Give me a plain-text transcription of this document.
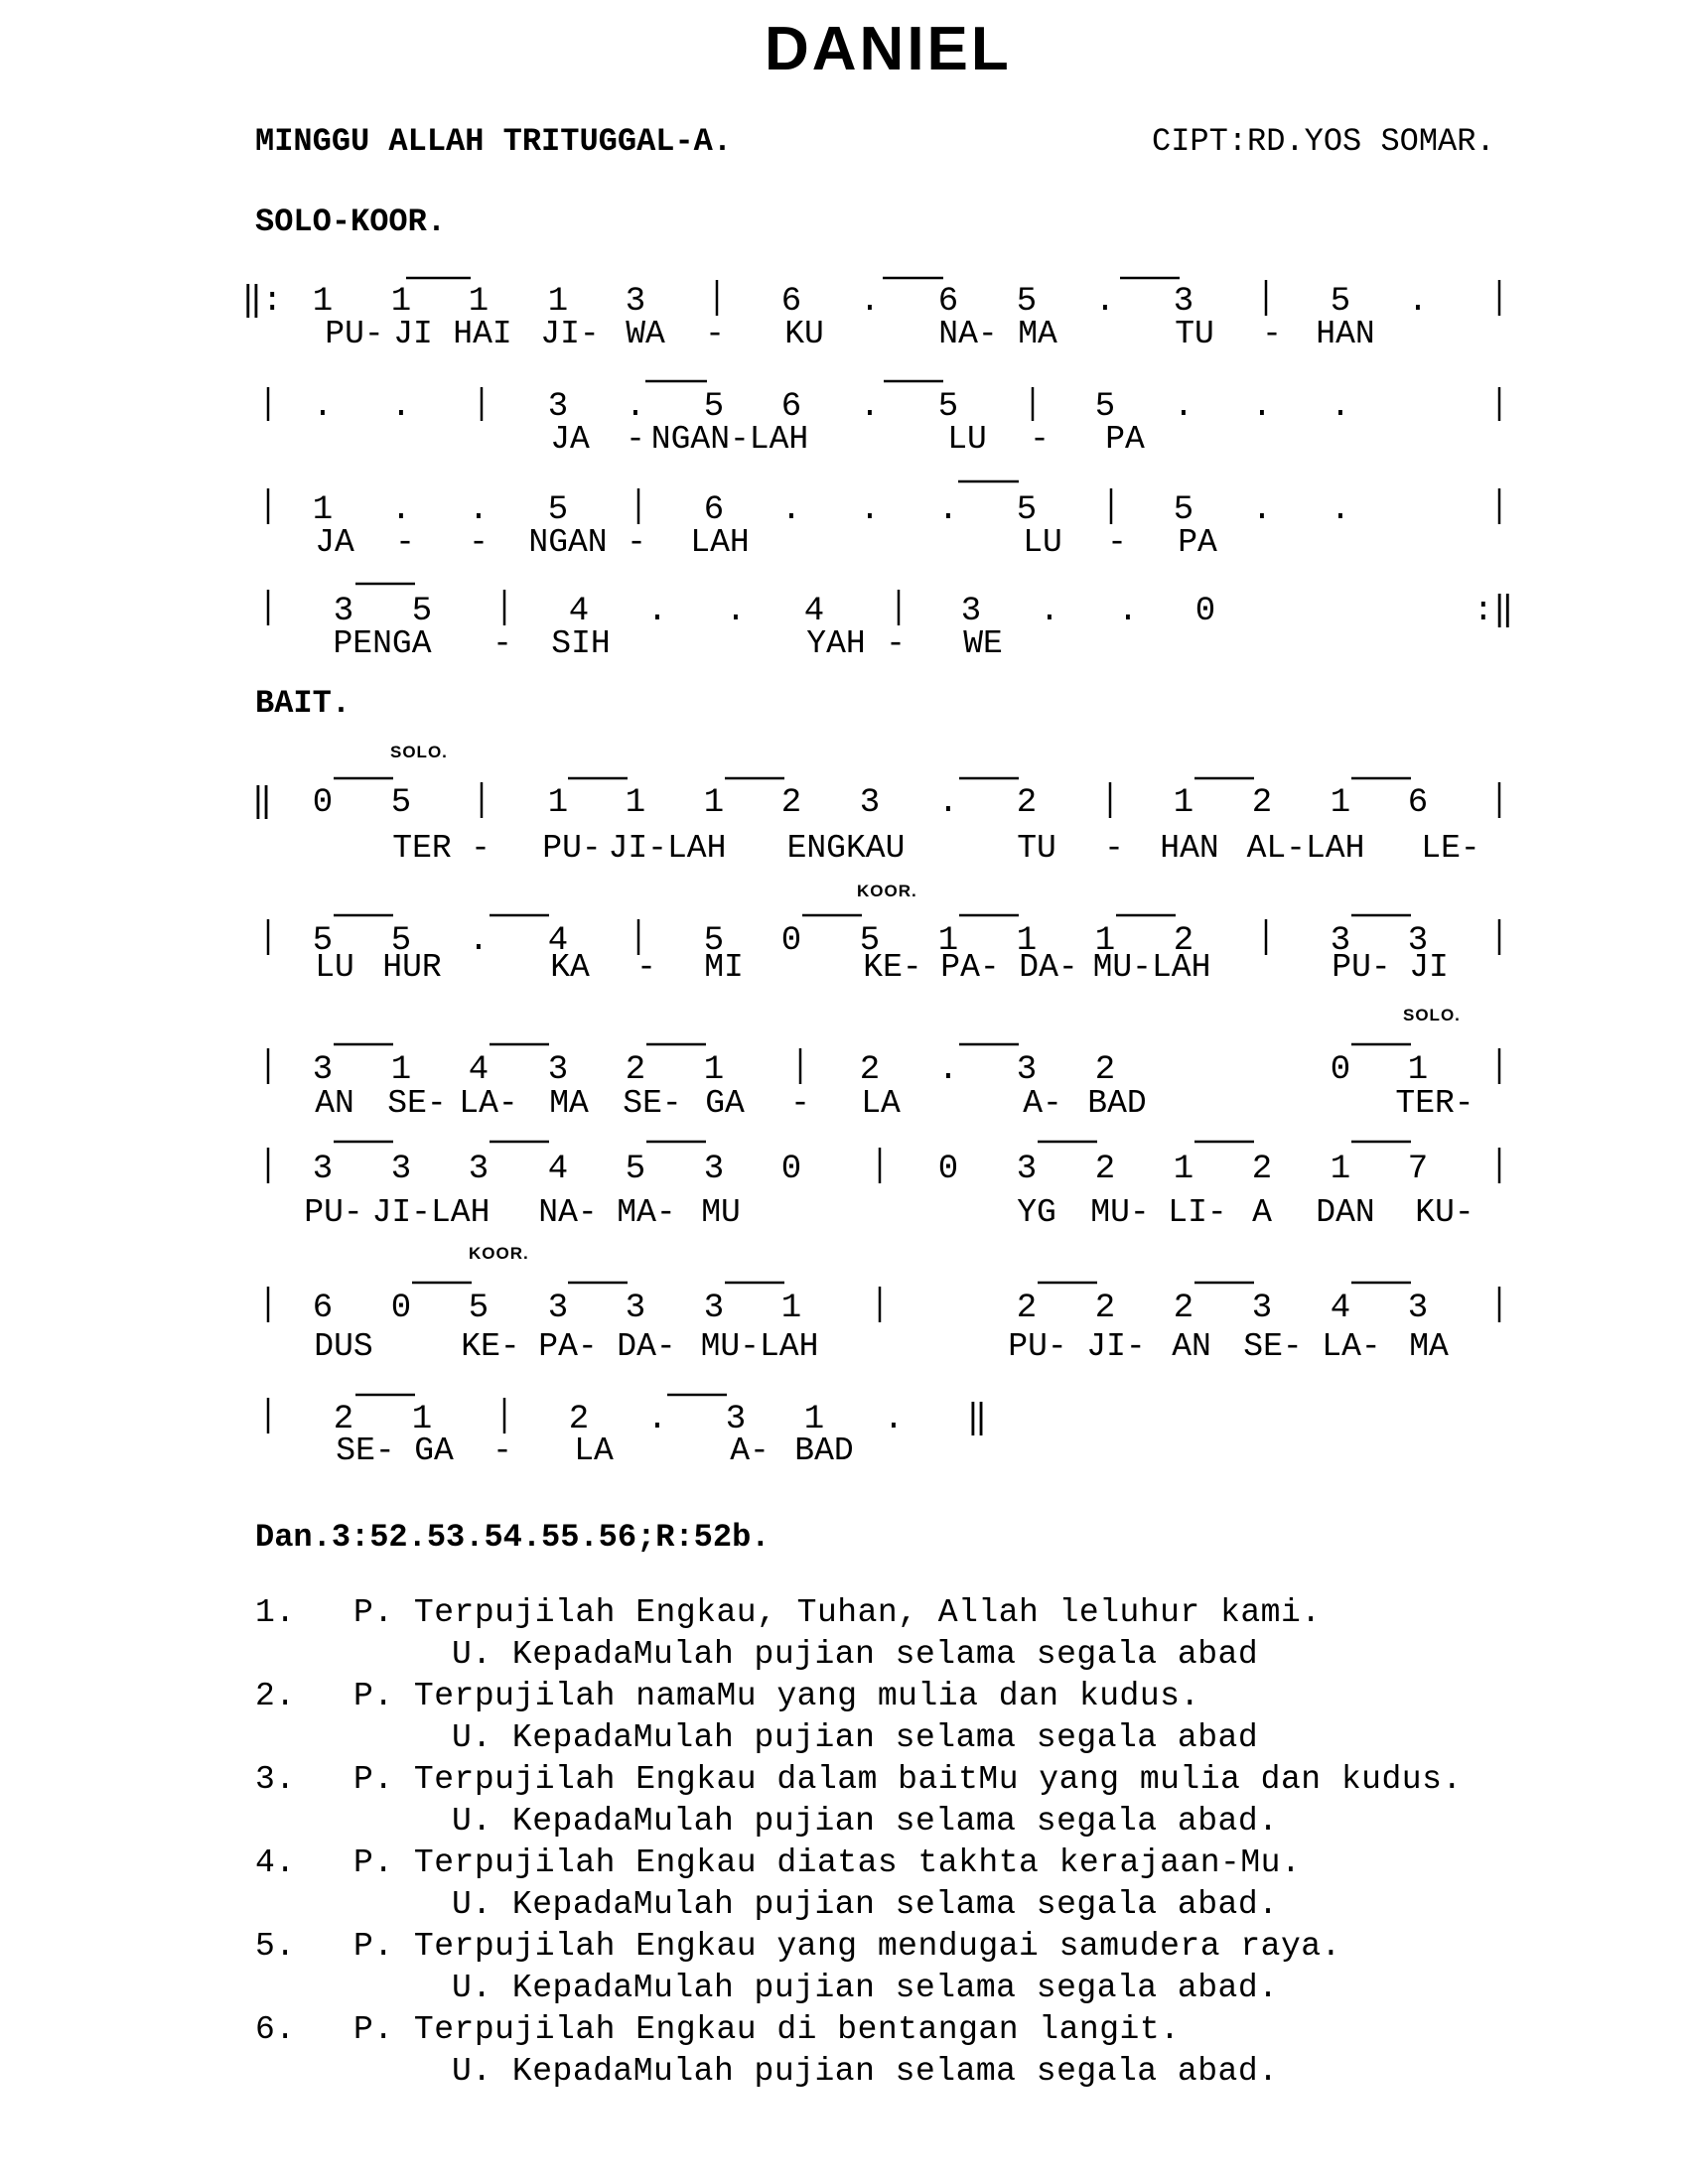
DANIEL
MINGGU ALLAH TRITUGGAL-A.	CIPT:RD.YOS SOMAR.
SOLO-KOOR.
BAIT.
SOLO.
KOOR.
SOLO.
KOOR.
‖: 1 1 1 1 3	6 . 6 5 . 3	5 .
PU- JI HAI JI- WA - KU	NA- MA	TU - HAN
. .	3 . 5 6 . 5	5 . . .
JA - NGAN-LAH	LU - PA
1 . . 5	6 . . . 5	5 . .
JA - - NGAN - LAH	LU - PA
:‖
3 5	4 . . 4	3 . . 0
PENGA - SIH	YAH - WE
‖ 0 5	1 1 1 2 3 . 2	1 2 1 6
TER - PU- JI-LAH ENGKAU	TU - HAN AL-LAH LE-
5 5 . 4	5 0 5 1 1 1 2	3 3
LU HUR	KA - MI	KE- PA- DA- MU-LAH	PU- JI
3 1 4 3 2 1	2 . 3 2	0 1
AN SE- LA- MA SE- GA - LA	A- BAD	TER-
3 3 3 4 5 3 0	0 3 2 1 2 1 7
PU- JI-LAH NA- MA- MU	YG MU- LI- A DAN KU-
6 0 5 3 3 3 1	2 2 2 3 4 3
DUS	KE- PA- DA- MU-LAH	PU- JI- AN SE- LA- MA
‖
2 1	2 . 3 1 .
SE- GA - LA	A- BAD
Dan.3:52.53.54.55.56;R:52b.
1. P. Terpujilah Engkau, Tuhan, Allah leluhur kami.
U. KepadaMulah pujian selama segala abad
2. P. Terpujilah namaMu yang mulia dan kudus.
U. KepadaMulah pujian selama segala abad
3. P. Terpujilah Engkau dalam baitMu yang mulia dan kudus.
U. KepadaMulah pujian selama segala abad.
4. P. Terpujilah Engkau diatas takhta kerajaan-Mu.
U. KepadaMulah pujian selama segala abad.
5. P. Terpujilah Engkau yang mendugai samudera raya.
U. KepadaMulah pujian selama segala abad.
6. P. Terpujilah Engkau di bentangan langit.
U. KepadaMulah pujian selama segala abad.
